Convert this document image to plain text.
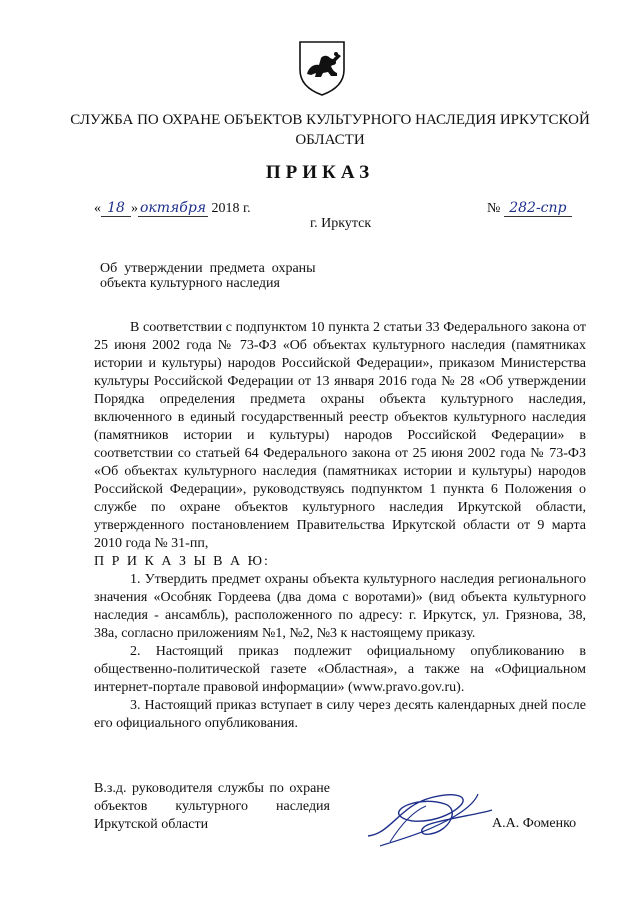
СЛУЖБА ПО ОХРАНЕ ОБЪЕКТОВ КУЛЬТУРНОГО НАСЛЕДИЯ ИРКУТСКОЙ ОБЛАСТИ
ПРИКАЗ
« 18 » октября 2018 г.
г. Иркутск
№ 282-спр
Об  утверждении  предмета  охраны
объекта культурного наследия

В соответствии с подпунктом 10 пункта 2 статьи 33 Федерального закона от 25 июня 2002 года № 73-ФЗ «Об объектах культурного наследия (памятниках истории и культуры) народов Российской Федерации», приказом Министерства культуры Российской Федерации от 13 января 2016 года № 28 «Об утверждении Порядка определения предмета охраны объекта культурного наследия, включенного в единый государственный реестр объектов культурного наследия (памятников истории и культуры) народов Российской Федерации» в соответствии со статьей 64 Федерального закона от 25 июня 2002 года № 73-ФЗ «Об объектах культурного наследия (памятниках истории и культуры) народов Российской Федерации», руководствуясь подпунктом 1 пункта 6 Положения о службе по охране объектов культурного наследия Иркутской области, утвержденного постановлением Правительства Иркутской области от 9 марта 2010 года № 31-пп,

П Р И К А З Ы В А Ю:

1. Утвердить предмет охраны объекта культурного наследия регионального значения «Особняк Гордеева (два дома с воротами)» (вид объекта культурного наследия - ансамбль), расположенного по адресу: г. Иркутск, ул. Грязнова, 38, 38а, согласно приложениям №1, №2, №3 к настоящему приказу.

2. Настоящий приказ подлежит официальному опубликованию в общественно-политической газете «Областная», а также на «Официальном интернет-портале правовой информации» (www.pravo.gov.ru).

3. Настоящий приказ вступает в силу через десять календарных дней после его официального опубликования.

В.з.д. руководителя службы по охране объектов культурного наследия Иркутской области	А.А. Фоменко
